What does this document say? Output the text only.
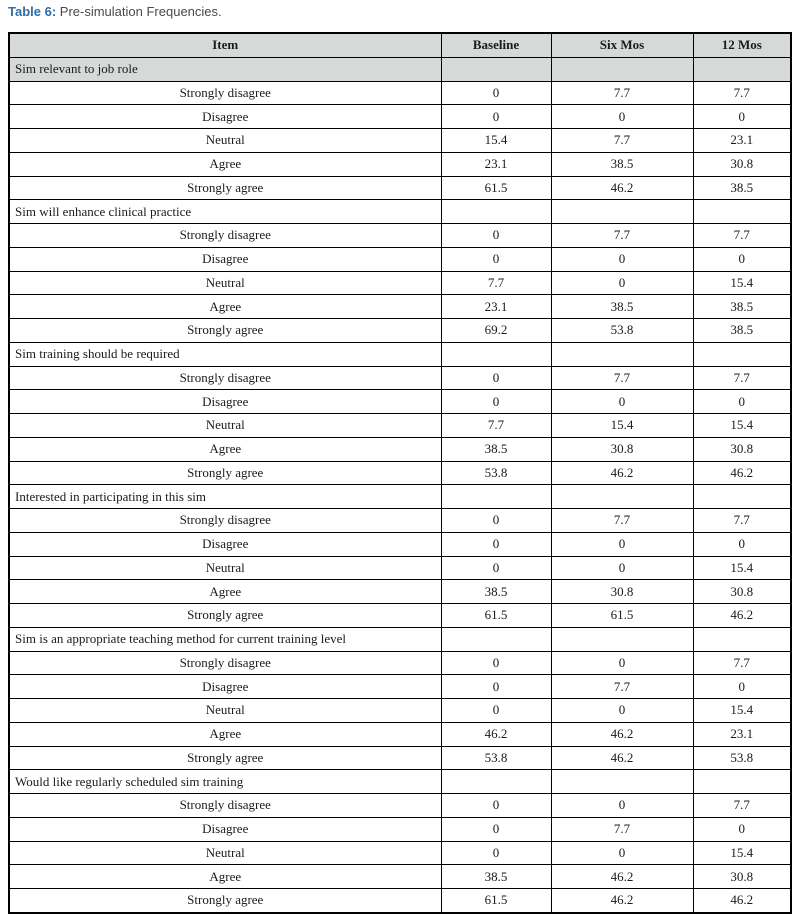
Table 6: Pre-simulation Frequencies.
Item	Baseline	Six Mos	12 Mos
Sim relevant to job role			
Strongly disagree	0	7.7	7.7
Disagree	0	0	0
Neutral	15.4	7.7	23.1
Agree	23.1	38.5	30.8
Strongly agree	61.5	46.2	38.5
Sim will enhance clinical practice			
Strongly disagree	0	7.7	7.7
Disagree	0	0	0
Neutral	7.7	0	15.4
Agree	23.1	38.5	38.5
Strongly agree	69.2	53.8	38.5
Sim training should be required			
Strongly disagree	0	7.7	7.7
Disagree	0	0	0
Neutral	7.7	15.4	15.4
Agree	38.5	30.8	30.8
Strongly agree	53.8	46.2	46.2
Interested in participating in this sim			
Strongly disagree	0	7.7	7.7
Disagree	0	0	0
Neutral	0	0	15.4
Agree	38.5	30.8	30.8
Strongly agree	61.5	61.5	46.2
Sim is an appropriate teaching method for current training level			
Strongly disagree	0	0	7.7
Disagree	0	7.7	0
Neutral	0	0	15.4
Agree	46.2	46.2	23.1
Strongly agree	53.8	46.2	53.8
Would like regularly scheduled sim training			
Strongly disagree	0	0	7.7
Disagree	0	7.7	0
Neutral	0	0	15.4
Agree	38.5	46.2	30.8
Strongly agree	61.5	46.2	46.2
